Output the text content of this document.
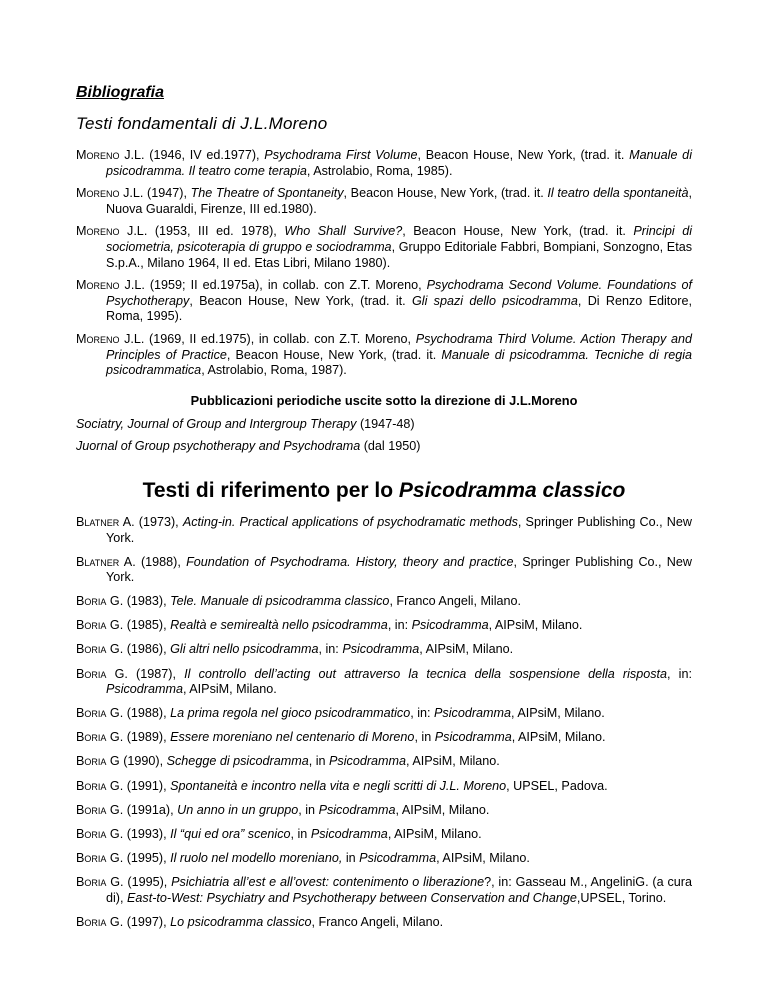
Bibliografia
Testi fondamentali di J.L.Moreno
Moreno J.L. (1946, IV ed.1977), Psychodrama First Volume, Beacon House, New York, (trad. it. Manuale di psicodramma. Il teatro come terapia, Astrolabio, Roma, 1985).
Moreno J.L. (1947), The Theatre of Spontaneity, Beacon House, New York, (trad. it. Il teatro della spontaneità, Nuova Guaraldi, Firenze, III ed.1980).
Moreno J.L. (1953, III ed. 1978), Who Shall Survive?, Beacon House, New York, (trad. it. Principi di sociometria, psicoterapia di gruppo e sociodramma, Gruppo Editoriale Fabbri, Bompiani, Sonzogno, Etas S.p.A., Milano 1964, II ed. Etas Libri, Milano 1980).
Moreno J.L. (1959; II ed.1975a), in collab. con Z.T. Moreno, Psychodrama Second Volume. Foundations of Psychotherapy, Beacon House, New York, (trad. it. Gli spazi dello psicodramma, Di Renzo Editore, Roma, 1995).
Moreno J.L. (1969, II ed.1975), in collab. con Z.T. Moreno, Psychodrama Third Volume. Action Therapy and Principles of Practice, Beacon House, New York, (trad. it. Manuale di psicodramma. Tecniche di regia psicodrammatica, Astrolabio, Roma, 1987).
Pubblicazioni periodiche uscite sotto la direzione di J.L.Moreno
Sociatry, Journal of Group and Intergroup Therapy (1947-48)
Juornal of Group psychotherapy and Psychodrama (dal 1950)
Testi di riferimento per lo Psicodramma classico
Blatner A. (1973), Acting-in. Practical applications of psychodramatic methods, Springer Publishing Co., New York.
Blatner A. (1988), Foundation of Psychodrama. History, theory and practice, Springer Publishing Co., New York.
Boria G. (1983), Tele. Manuale di psicodramma classico, Franco Angeli, Milano.
Boria G. (1985), Realtà e semirealtà nello psicodramma, in: Psicodramma, AIPsiM, Milano.
Boria G. (1986), Gli altri nello psicodramma, in: Psicodramma, AIPsiM, Milano.
Boria G. (1987), Il controllo dell’acting out attraverso la tecnica della sospensione della risposta, in: Psicodramma, AIPsiM, Milano.
Boria G. (1988), La prima regola nel gioco psicodrammatico, in: Psicodramma, AIPsiM, Milano.
Boria G. (1989), Essere moreniano nel centenario di Moreno, in Psicodramma, AIPsiM, Milano.
Boria G (1990), Schegge di psicodramma, in Psicodramma, AIPsiM, Milano.
Boria G. (1991), Spontaneità e incontro nella vita e negli scritti di J.L. Moreno, UPSEL, Padova.
Boria G. (1991a), Un anno in un gruppo, in Psicodramma, AIPsiM, Milano.
Boria G. (1993), Il “qui ed ora” scenico, in Psicodramma, AIPsiM, Milano.
Boria G. (1995), Il ruolo nel modello moreniano, in Psicodramma, AIPsiM, Milano.
Boria G. (1995), Psichiatria all’est e all’ovest: contenimento o liberazione?, in: Gasseau M., AngeliniG. (a cura di), East-to-West: Psychiatry and Psychotherapy between Conservation and Change,UPSEL, Torino.
Boria G. (1997), Lo psicodramma classico, Franco Angeli, Milano.
